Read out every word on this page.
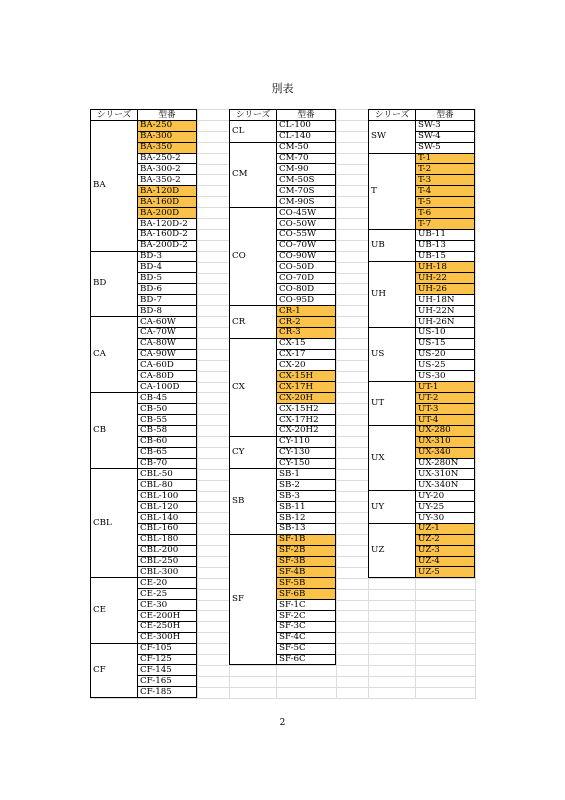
別表
シリーズ	型番
BA	BA-250
	BA-300
	BA-350
	BA-250-2
	BA-300-2
	BA-350-2
	BA-120D
	BA-160D
	BA-200D
	BA-120D-2
	BA-160D-2
	BA-200D-2
BD	BD-3
	BD-4
	BD-5
	BD-6
	BD-7
	BD-8
CA	CA-60W
	CA-70W
	CA-80W
	CA-90W
	CA-60D
	CA-80D
	CA-100D
CB	CB-45
	CB-50
	CB-55
	CB-58
	CB-60
	CB-65
	CB-70
CBL	CBL-50
	CBL-80
	CBL-100
	CBL-120
	CBL-140
	CBL-160
	CBL-180
	CBL-200
	CBL-250
	CBL-300
CE	CE-20
	CE-25
	CE-30
	CE-200H
	CE-250H
	CE-300H
CF	CF-105
	CF-125
	CF-145
	CF-165
	CF-185
シリーズ	型番
CL	CL-100
	CL-140
CM	CM-50
	CM-70
	CM-90
	CM-50S
	CM-70S
	CM-90S
CO	CO-45W
	CO-50W
	CO-55W
	CO-70W
	CO-90W
	CO-50D
	CO-70D
	CO-80D
	CO-95D
CR	CR-1
	CR-2
	CR-3
CX	CX-15
	CX-17
	CX-20
	CX-15H
	CX-17H
	CX-20H
	CX-15H2
	CX-17H2
	CX-20H2
CY	CY-110
	CY-130
	CY-150
SB	SB-1
	SB-2
	SB-3
	SB-11
	SB-12
	SB-13
SF	SF-1B
	SF-2B
	SF-3B
	SF-4B
	SF-5B
	SF-6B
	SF-1C
	SF-2C
	SF-3C
	SF-4C
	SF-5C
	SF-6C
シリーズ	型番
SW	SW-3
	SW-4
	SW-5
T	T-1
	T-2
	T-3
	T-4
	T-5
	T-6
	T-7
UB	UB-11
	UB-13
	UB-15
UH	UH-18
	UH-22
	UH-26
	UH-18N
	UH-22N
	UH-26N
US	US-10
	US-15
	US-20
	US-25
	US-30
UT	UT-1
	UT-2
	UT-3
	UT-4
UX	UX-280
	UX-310
	UX-340
	UX-280N
	UX-310N
	UX-340N
UY	UY-20
	UY-25
	UY-30
UZ	UZ-1
	UZ-2
	UZ-3
	UZ-4
	UZ-5
2
